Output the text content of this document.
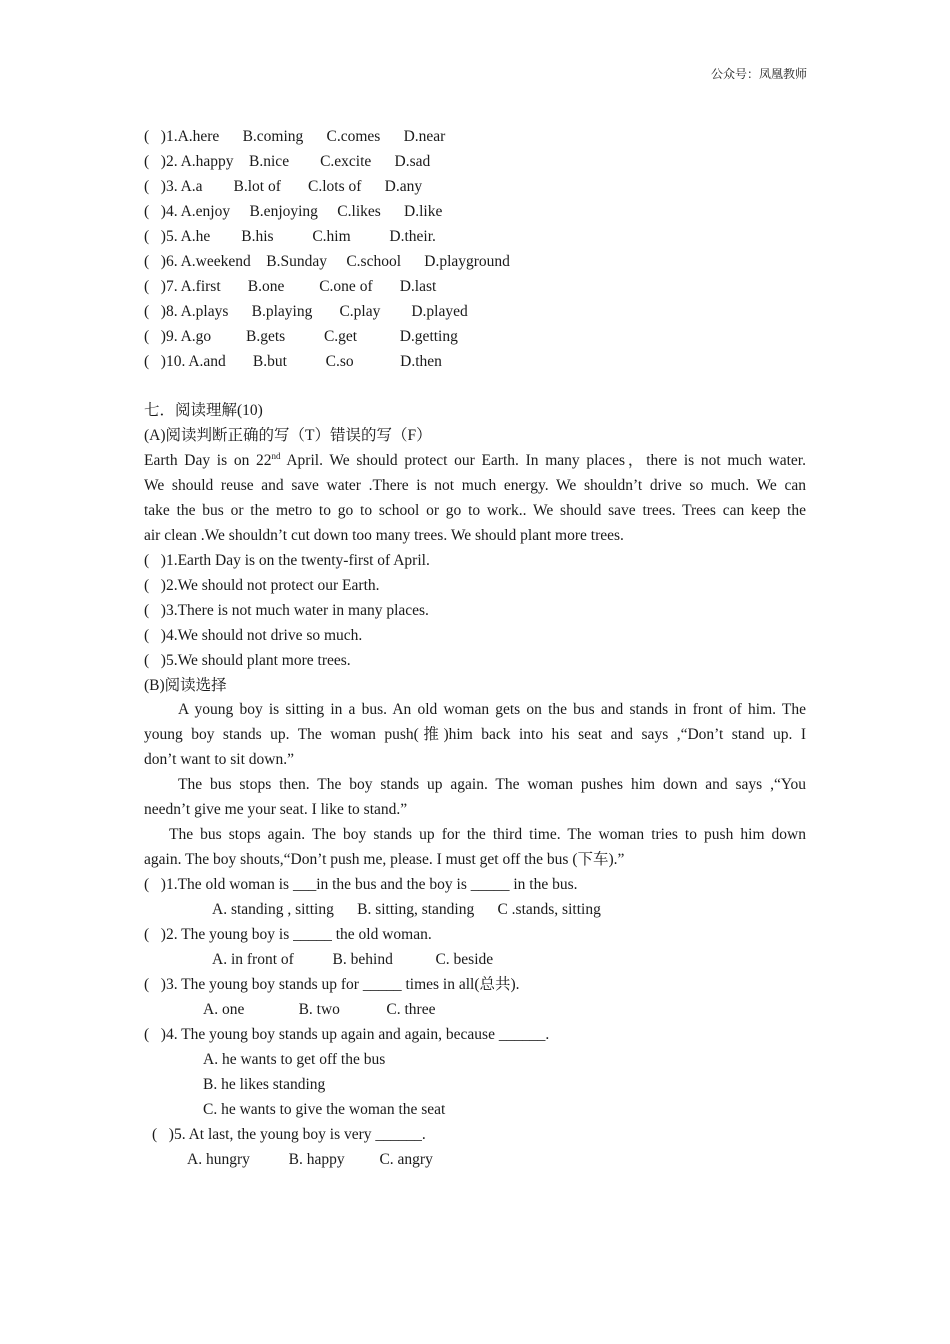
公众号：凤凰教师
(   )1.A.here      B.coming      C.comes      D.near
(   )2. A.happy    B.nice        C.excite      D.sad
(   )3. A.a        B.lot of       C.lots of      D.any
(   )4. A.enjoy     B.enjoying     C.likes      D.like
(   )5. A.he        B.his          C.him          D.their.
(   )6. A.weekend    B.Sunday     C.school      D.playground
(   )7. A.first       B.one         C.one of       D.last
(   )8. A.plays      B.playing       C.play        D.played
(   )9. A.go         B.gets          C.get           D.getting
(   )10. A.and       B.but          C.so            D.then
七．阅读理解(10)
(A)阅读判断正确的写（T）错误的写（F）
Earth Day is on 22nd April. We should protect our Earth. In many places，there is not much water.
We should reuse and save water .There is not much energy. We shouldn’t drive so much. We can
take the bus or the metro to go to school or go to work.. We should save trees. Trees can keep the
air clean .We shouldn’t cut down too many trees. We should plant more trees.
(   )1.Earth Day is on the twenty-first of April.
(   )2.We should not protect our Earth.
(   )3.There is not much water in many places.
(   )4.We should not drive so much.
(   )5.We should plant more trees.
(B)阅读选择
A young boy is sitting in a bus. An old woman gets on the bus and stands in front of him. The
young boy stands up. The woman push(推)him back into his seat and says ,“Don’t stand up. I
don’t want to sit down.”
The bus stops then. The boy stands up again. The woman pushes him down and says ,“You
needn’t give me your seat. I like to stand.”
The bus stops again. The boy stands up for the third time. The woman tries to push him down
again. The boy shouts,“Don’t push me, please. I must get off the bus (下车).”
(   )1.The old woman is ___in the bus and the boy is _____ in the bus.
A. standing , sitting      B. sitting, standing      C .stands, sitting
(   )2. The young boy is _____ the old woman.
A. in front of          B. behind           C. beside
(   )3. The young boy stands up for _____ times in all(总共).
A. one              B. two            C. three
(   )4. The young boy stands up again and again, because ______.
A. he wants to get off the bus
B. he likes standing
C. he wants to give the woman the seat
(   )5. At last, the young boy is very ______.
A. hungry          B. happy         C. angry
